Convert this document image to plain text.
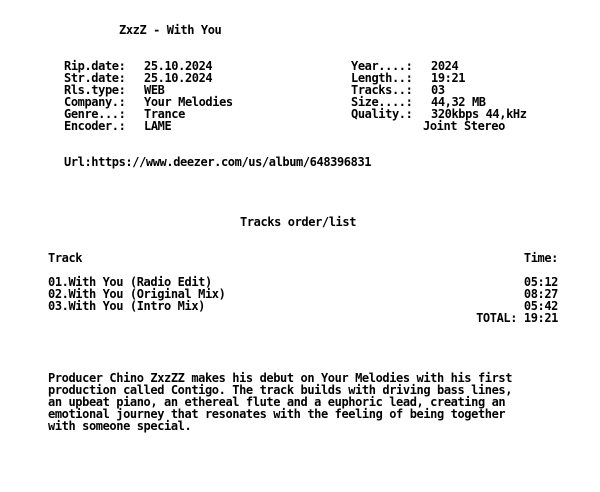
ZxzZ - With You
Rip.date: 25.10.2024
Str.date: 25.10.2024
Rls.type: WEB
Company.: Your Melodies
Genre...: Trance
Encoder.: LAME
Year....: 2024
Length..: 19:21
Tracks..: 03
Size....: 44,32 MB
Quality.: 320kbps 44,kHz
Joint Stereo
Url:https://www.deezer.com/us/album/648396831
Tracks order/list
Track	Time:
01.With You (Radio Edit)	05:12
02.With You (Original Mix)	08:27
03.With You (Intro Mix)	05:42
TOTAL: 19:21
Producer Chino ZxzZZ makes his debut on Your Melodies with his first
production called Contigo. The track builds with driving bass lines,
an upbeat piano, an ethereal flute and a euphoric lead, creating an
emotional journey that resonates with the feeling of being together
with someone special.
